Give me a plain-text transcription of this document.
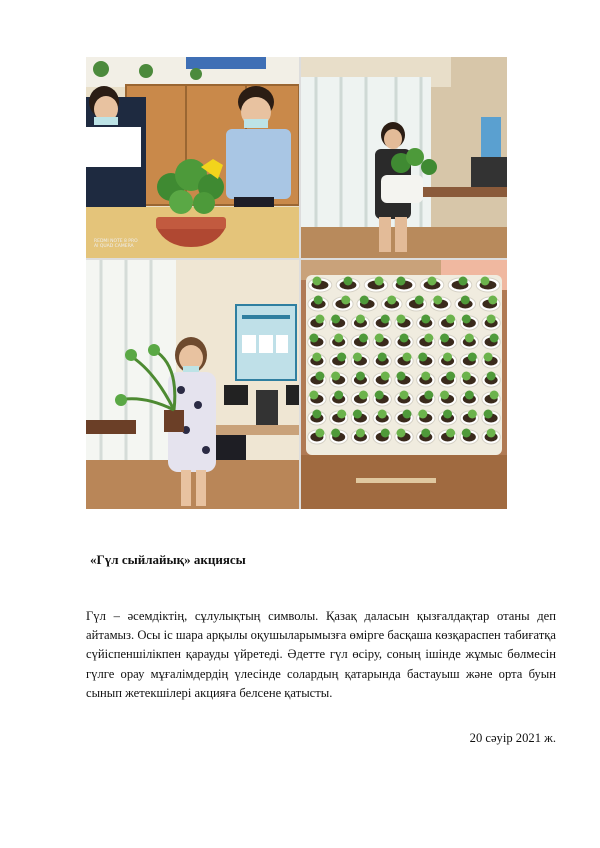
REDMI NOTE 8 PRO
AI QUAD CAMERA

«Гүл сыйлайық» акциясы

Гүл – әсемдіктің, сұлулықтың символы. Қазақ даласын қызғалдақтар отаны деп айтамыз. Осы іс шара арқылы оқушыларымызға өмірге басқаша көзқараспен табиғатқа сүйіспеншілікпен қарауды үйретеді. Әдетте гүл өсіру, соның ішінде жұмыс бөлмесін гүлге орау мұғалімдердің үлесінде солардың қатарында бастауыш және орта буын сынып жетекшілері акцияға белсене қатысты.

20 сәуір 2021 ж.
